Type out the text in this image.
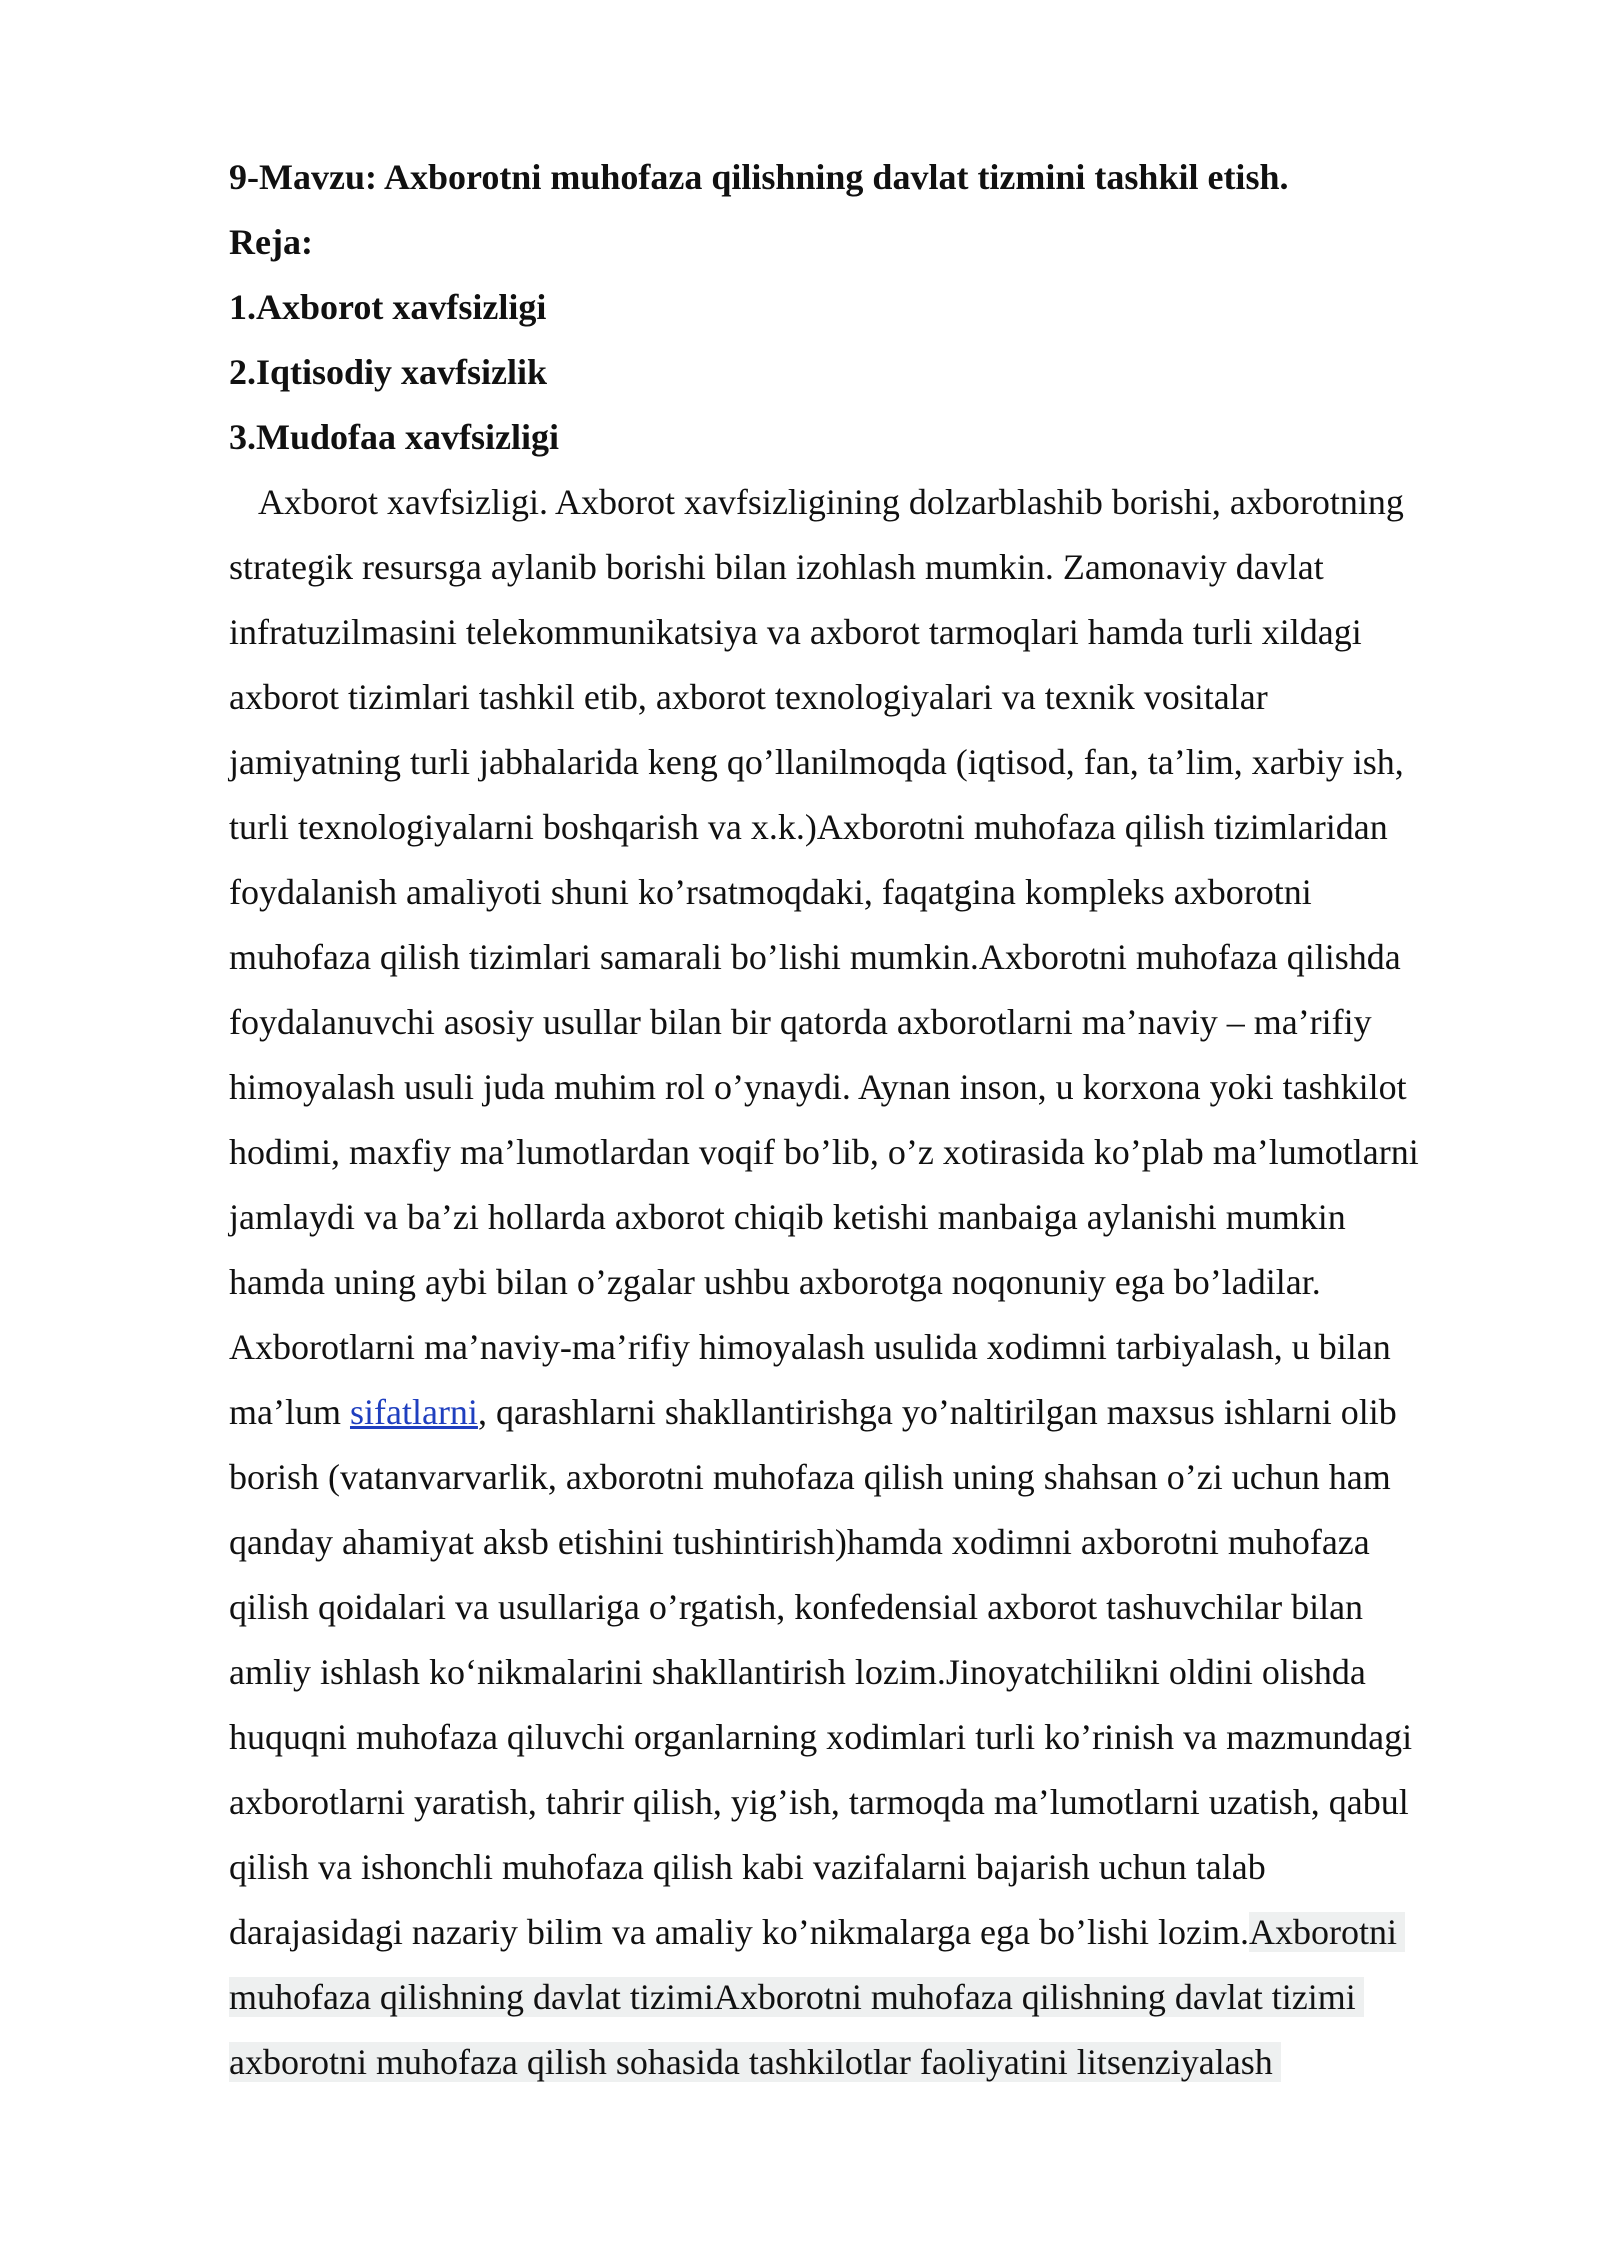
9-Mavzu: Axborotni muhofaza qilishning davlat tizmini tashkil etish.
Reja:
1.Axborot xavfsizligi
2.Iqtisodiy xavfsizlik
3.Mudofaa xavfsizligi
Axborot xavfsizligi. Axborot xavfsizligining dolzarblashib borishi, axborotning
strategik resursga aylanib borishi bilan izohlash mumkin. Zamonaviy davlat
infratuzilmasini telekommunikatsiya va axborot tarmoqlari hamda turli xildagi
axborot tizimlari tashkil etib, axborot texnologiyalari va texnik vositalar
jamiyatning turli jabhalarida keng qo’llanilmoqda (iqtisod, fan, ta’lim, xarbiy ish,
turli texnologiyalarni boshqarish va x.k.)Axborotni muhofaza qilish tizimlaridan
foydalanish amaliyoti shuni ko’rsatmoqdaki, faqatgina kompleks axborotni
muhofaza qilish tizimlari samarali bo’lishi mumkin.Axborotni muhofaza qilishda
foydalanuvchi asosiy usullar bilan bir qatorda axborotlarni ma’naviy – ma’rifiy
himoyalash usuli juda muhim rol o’ynaydi. Aynan inson, u korxona yoki tashkilot
hodimi, maxfiy ma’lumotlardan voqif bo’lib, o’z xotirasida ko’plab ma’lumotlarni
jamlaydi va ba’zi hollarda axborot chiqib ketishi manbaiga aylanishi mumkin
hamda uning aybi bilan o’zgalar ushbu axborotga noqonuniy ega bo’ladilar.
Axborotlarni ma’naviy-ma’rifiy himoyalash usulida xodimni tarbiyalash, u bilan
ma’lum sifatlarni, qarashlarni shakllantirishga yo’naltirilgan maxsus ishlarni olib
borish (vatanvarvarlik, axborotni muhofaza qilish uning shahsan o’zi uchun ham
qanday ahamiyat aksb etishini tushintirish)hamda xodimni axborotni muhofaza
qilish qoidalari va usullariga o’rgatish, konfedensial axborot tashuvchilar bilan
amliy ishlash ko‘nikmalarini shakllantirish lozim.Jinoyatchilikni oldini olishda
huquqni muhofaza qiluvchi organlarning xodimlari turli ko’rinish va mazmundagi
axborotlarni yaratish, tahrir qilish, yig’ish, tarmoqda ma’lumotlarni uzatish, qabul
qilish va ishonchli muhofaza qilish kabi vazifalarni bajarish uchun talab
darajasidagi nazariy bilim va amaliy ko’nikmalarga ega bo’lishi lozim.Axborotni
muhofaza qilishning davlat tizimiAxborotni muhofaza qilishning davlat tizimi
axborotni muhofaza qilish sohasida tashkilotlar faoliyatini litsenziyalash
